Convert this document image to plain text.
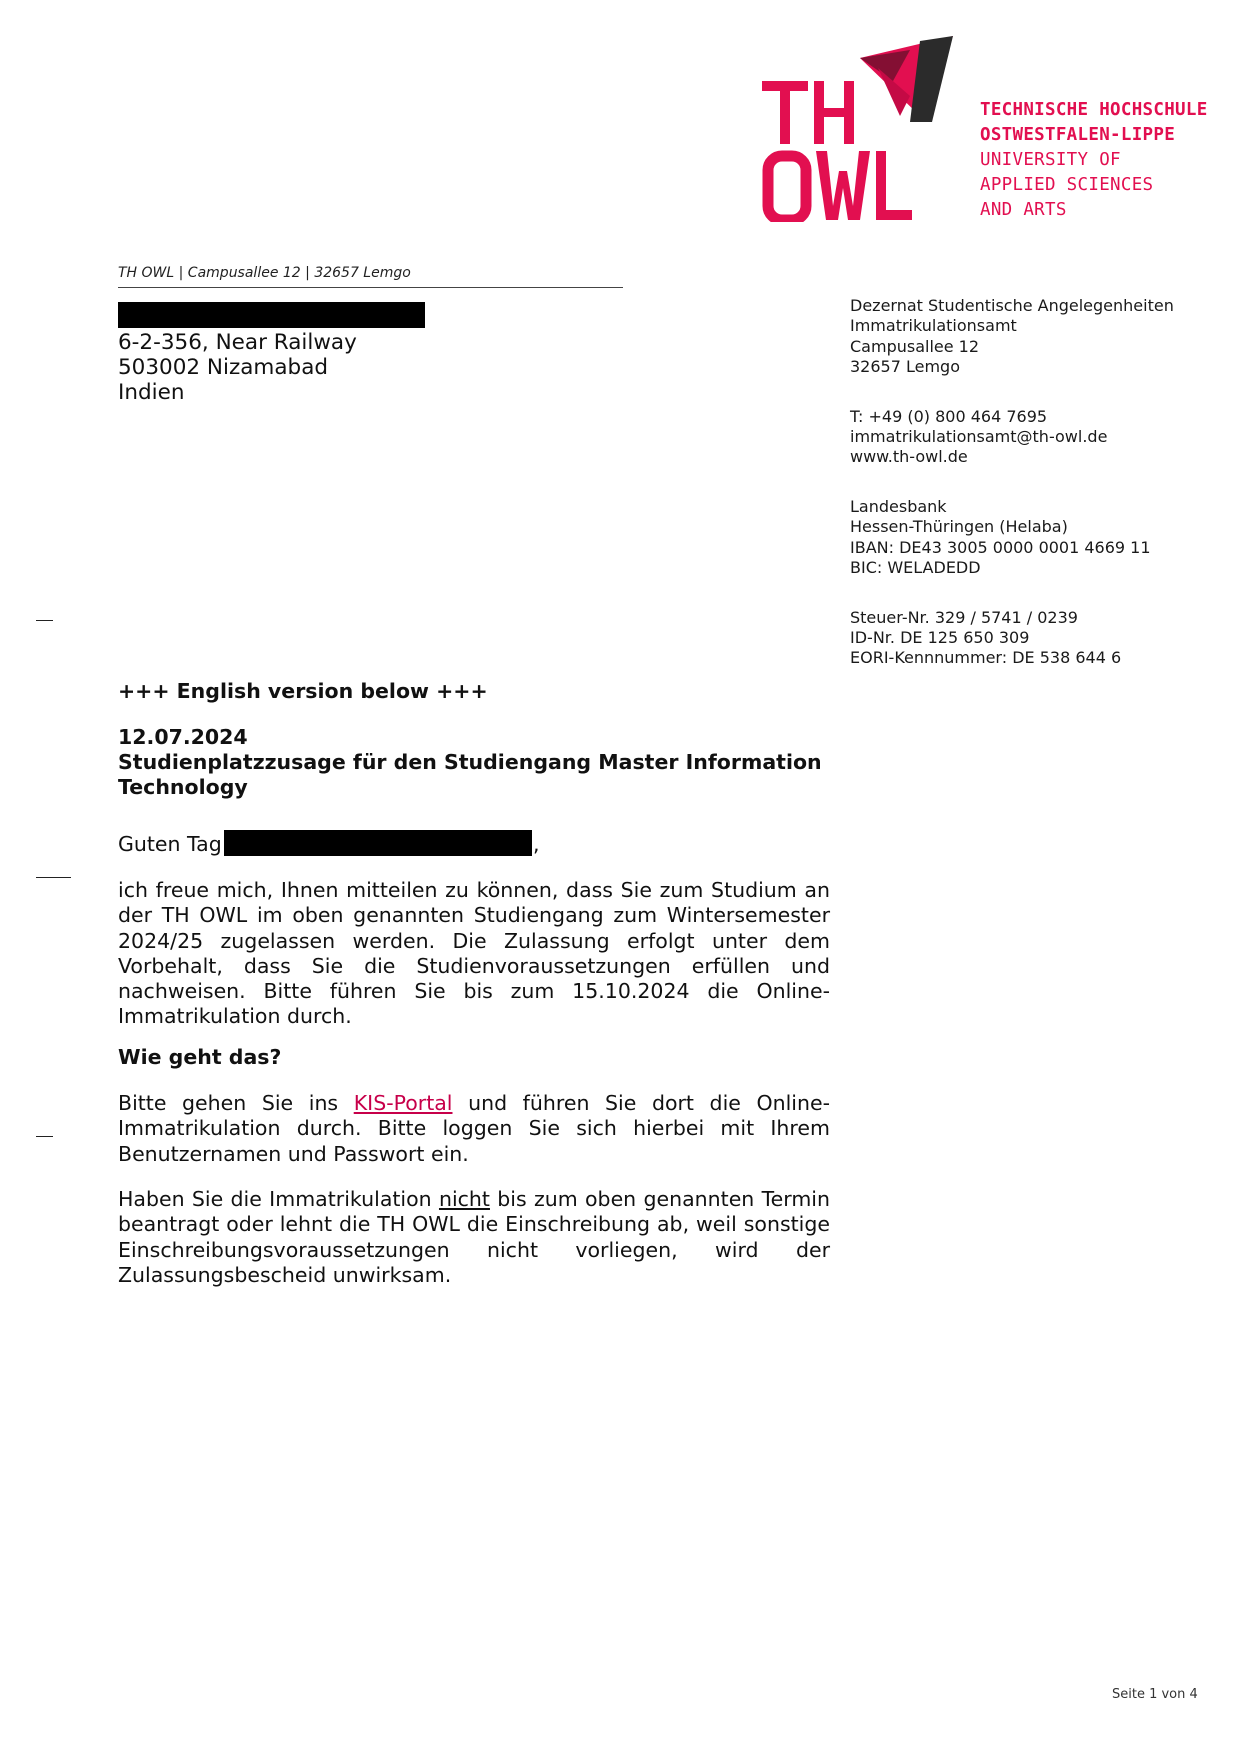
TECHNISCHE HOCHSCHULE
OSTWESTFALEN-LIPPE
UNIVERSITY OF
APPLIED SCIENCES
AND ARTS
TH OWL | Campusallee 12 | 32657 Lemgo
6-2-356, Near Railway
503002 Nizamabad
Indien
Dezernat Studentische Angelegenheiten
Immatrikulationsamt
Campusallee 12
32657 Lemgo
T: +49 (0) 800 464 7695
immatrikulationsamt@th-owl.de
www.th-owl.de
Landesbank
Hessen-Thüringen (Helaba)
IBAN: DE43 3005 0000 0001 4669 11
BIC: WELADEDD
Steuer-Nr. 329 / 5741 / 0239
ID-Nr. DE 125 650 309
EORI-Kennnummer: DE 538 644 6
+++ English version below +++
12.07.2024
Studienplatzzusage für den Studiengang Master Information
Technology
Guten Tag	,
ich freue mich, Ihnen mitteilen zu können, dass Sie zum Studium an der TH OWL im oben genannten Studiengang zum Wintersemester 2024/25 zugelassen werden. Die Zulassung erfolgt unter dem Vorbehalt, dass Sie die Studienvoraussetzungen erfüllen und nachweisen. Bitte führen Sie bis zum 15.10.2024 die Online-Immatrikulation durch.
Wie geht das?
Bitte gehen Sie ins KIS-Portal und führen Sie dort die Online-Immatrikulation durch. Bitte loggen Sie sich hierbei mit Ihrem Benutzernamen und Passwort ein.
Haben Sie die Immatrikulation nicht bis zum oben genannten Termin beantragt oder lehnt die TH OWL die Einschreibung ab, weil sonstige Einschreibungsvoraussetzungen nicht vorliegen, wird der Zulassungsbescheid unwirksam.
Seite 1 von 4
